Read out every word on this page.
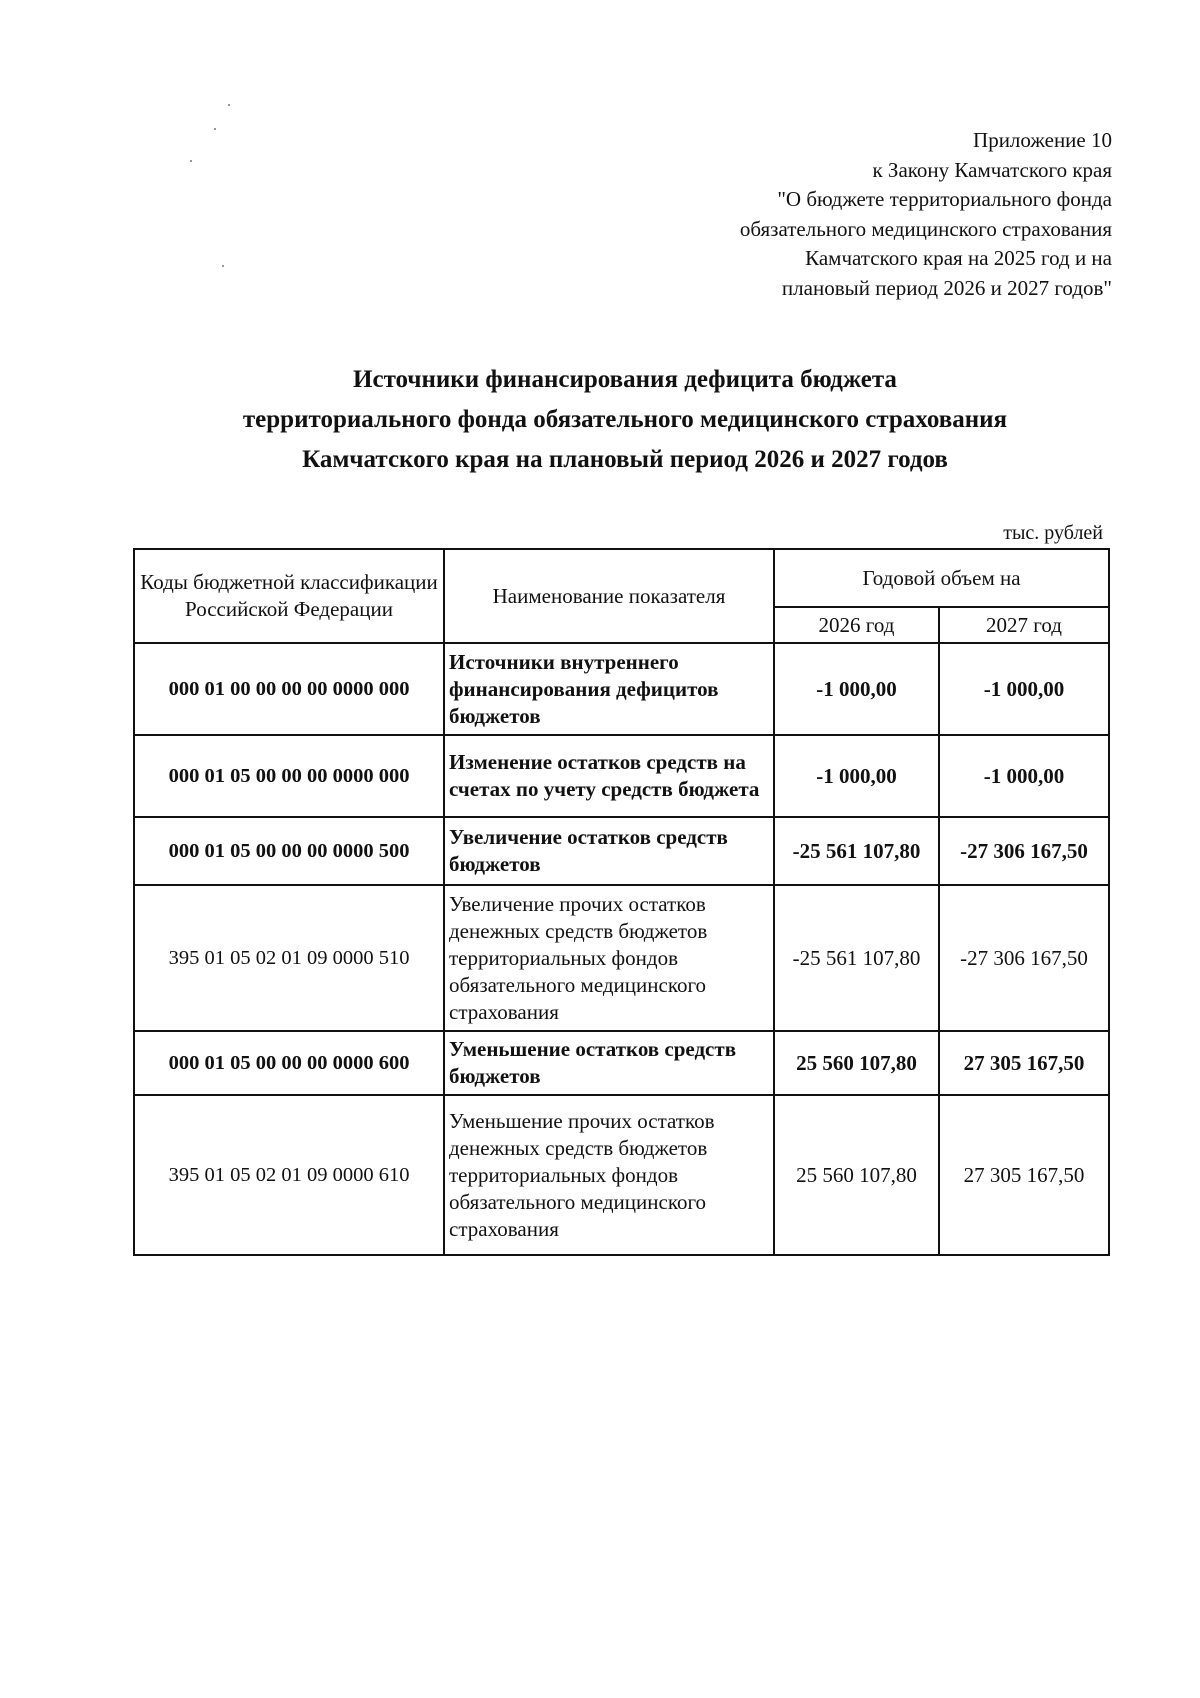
Приложение 10
к Закону Камчатского края
"О бюджете территориального фонда
обязательного медицинского страхования
Камчатского края на 2025 год и на
плановый период 2026 и 2027 годов"
Источники финансирования дефицита бюджета
территориального фонда обязательного медицинского страхования
Камчатского края на плановый период 2026 и 2027 годов
тыс. рублей
Коды бюджетной классификации Российской Федерации	Наименование показателя	Годовой объем на	
		2026 год	2027 год
000 01 00 00 00 00 0000 000	Источники внутреннего финансирования дефицитов бюджетов	-1 000,00	-1 000,00
000 01 05 00 00 00 0000 000	Изменение остатков средств на счетах по учету средств бюджета	-1 000,00	-1 000,00
000 01 05 00 00 00 0000 500	Увеличение остатков средств бюджетов	-25 561 107,80	-27 306 167,50
395 01 05 02 01 09 0000 510	Увеличение прочих остатков денежных средств бюджетов территориальных фондов обязательного медицинского страхования	-25 561 107,80	-27 306 167,50
000 01 05 00 00 00 0000 600	Уменьшение остатков средств бюджетов	25 560 107,80	27 305 167,50
395 01 05 02 01 09 0000 610	Уменьшение прочих остатков денежных средств бюджетов территориальных фондов обязательного медицинского страхования	25 560 107,80	27 305 167,50
